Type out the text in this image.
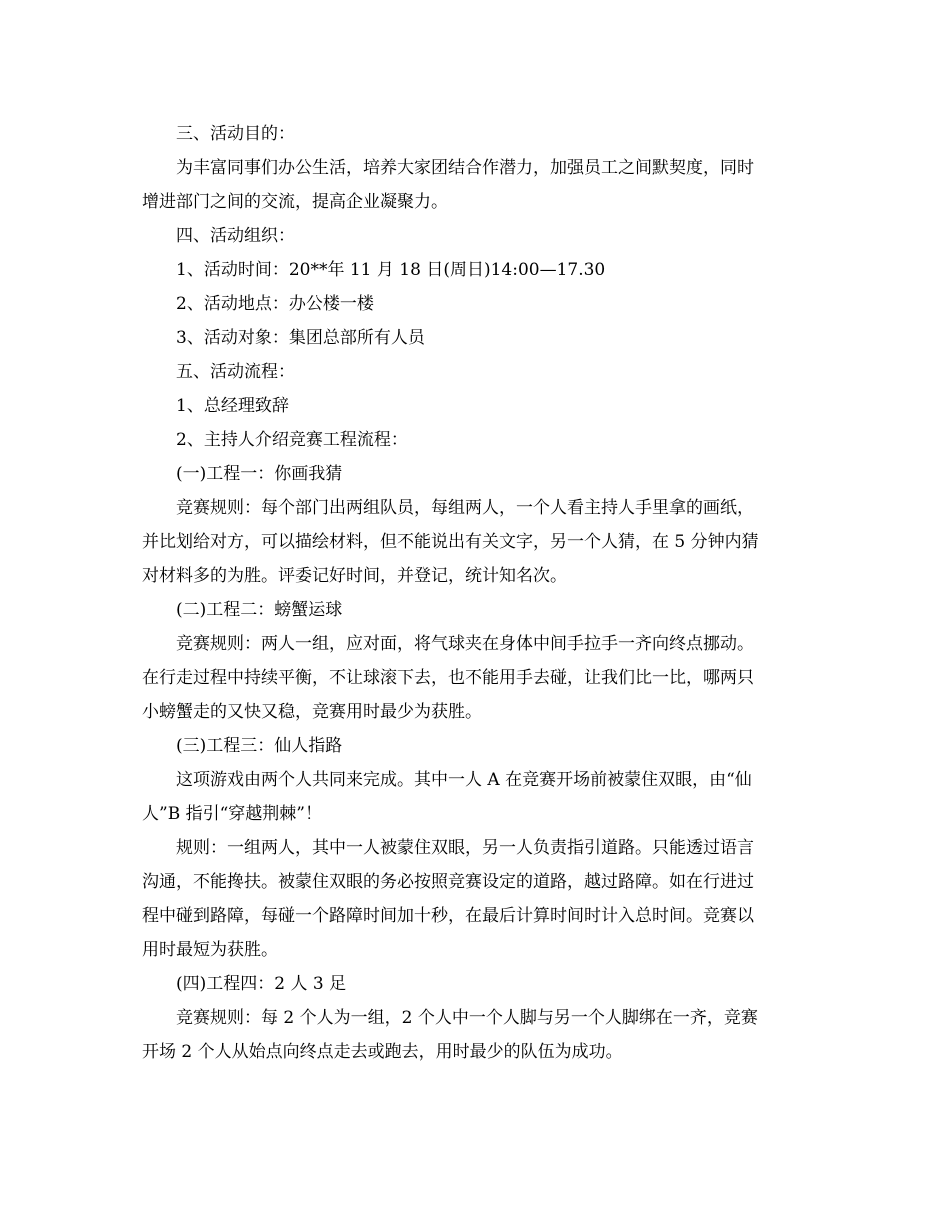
三、活动目的：
为丰富同事们办公生活，培养大家团结合作潜力，加强员工之间默契度，同时
增进部门之间的交流，提高企业凝聚力。
四、活动组织：
1、活动时间：20**年 11 月 18 日(周日)14:00—17.30
2、活动地点：办公楼一楼
3、活动对象：集团总部所有人员
五、活动流程：
1、总经理致辞
2、主持人介绍竞赛工程流程：
(一)工程一：你画我猜
竞赛规则：每个部门出两组队员，每组两人，一个人看主持人手里拿的画纸，
并比划给对方，可以描绘材料，但不能说出有关文字，另一个人猜，在 5 分钟内猜
对材料多的为胜。评委记好时间，并登记，统计知名次。
(二)工程二：螃蟹运球
竞赛规则：两人一组，应对面，将气球夹在身体中间手拉手一齐向终点挪动。
在行走过程中持续平衡，不让球滚下去，也不能用手去碰，让我们比一比，哪两只
小螃蟹走的又快又稳，竞赛用时最少为获胜。
(三)工程三：仙人指路
这项游戏由两个人共同来完成。其中一人 A 在竞赛开场前被蒙住双眼，由“仙
人”B 指引“穿越荆棘”！
规则：一组两人，其中一人被蒙住双眼，另一人负责指引道路。只能透过语言
沟通，不能搀扶。被蒙住双眼的务必按照竞赛设定的道路，越过路障。如在行进过
程中碰到路障，每碰一个路障时间加十秒，在最后计算时间时计入总时间。竞赛以
用时最短为获胜。
(四)工程四：2 人 3 足
竞赛规则：每 2 个人为一组，2 个人中一个人脚与另一个人脚绑在一齐，竞赛
开场 2 个人从始点向终点走去或跑去，用时最少的队伍为成功。
